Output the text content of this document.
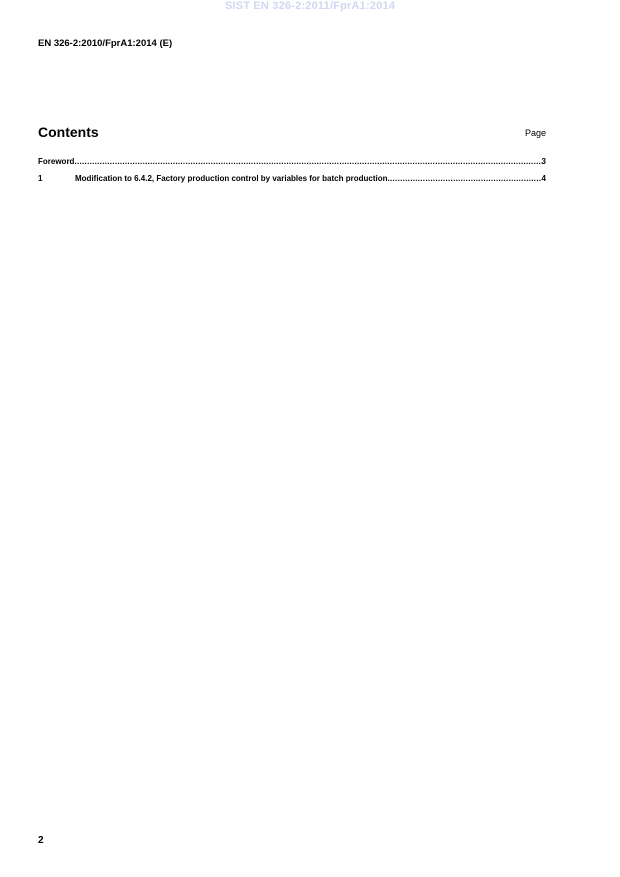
SIST EN 326-2:2011/FprA1:2014
EN 326-2:2010/FprA1:2014 (E)
Contents	Page
Foreword .....	3
1	Modification to 6.4.2, Factory production control by variables for batch production .....	4
2
